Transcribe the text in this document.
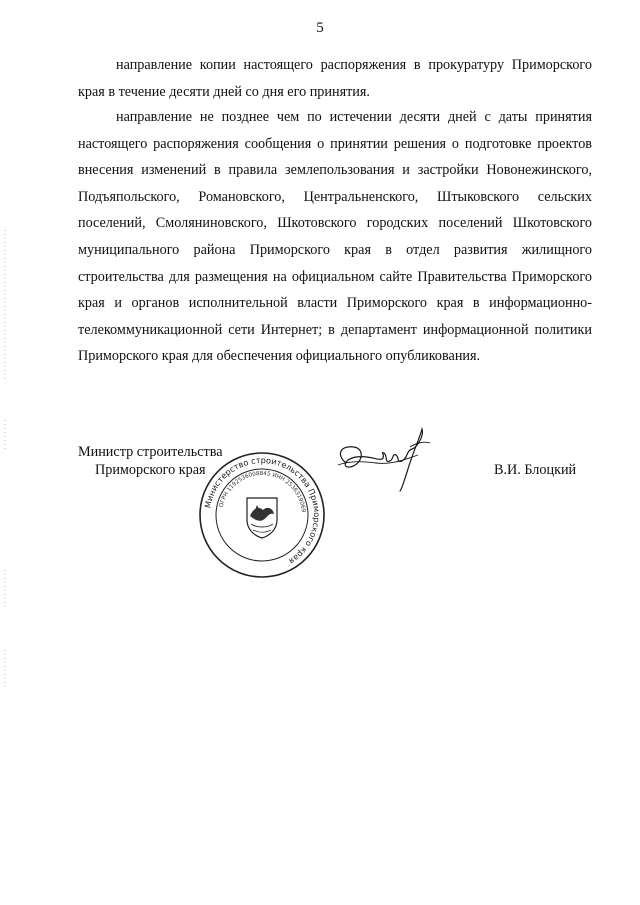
5

направление копии настоящего распоряжения в прокуратуру Приморского края в течение десяти дней со дня его принятия.

направление не позднее чем по истечении десяти дней с даты принятия настоящего распоряжения сообщения о принятии решения о подготовке проектов внесения изменений в правила землепользования и застройки Новонежинского, Подъяпольского, Романовского, Центральненского, Штыковского сельских поселений, Смоляниновского, Шкотовского городских поселений Шкотовского муниципального района Приморского края в отдел развития жилищного строительства для размещения на официальном сайте Правительства Приморского края и органов исполнительной власти Приморского края в информационно-телекоммуникационной сети Интернет; в департамент информационной политики Приморского края для обеспечения официального опубликования.

Министр строительства
Приморского края	В.И. Блоцкий
Министерство строительства Приморского края
ОГРН 1192536008845 ИНН 2536319069
